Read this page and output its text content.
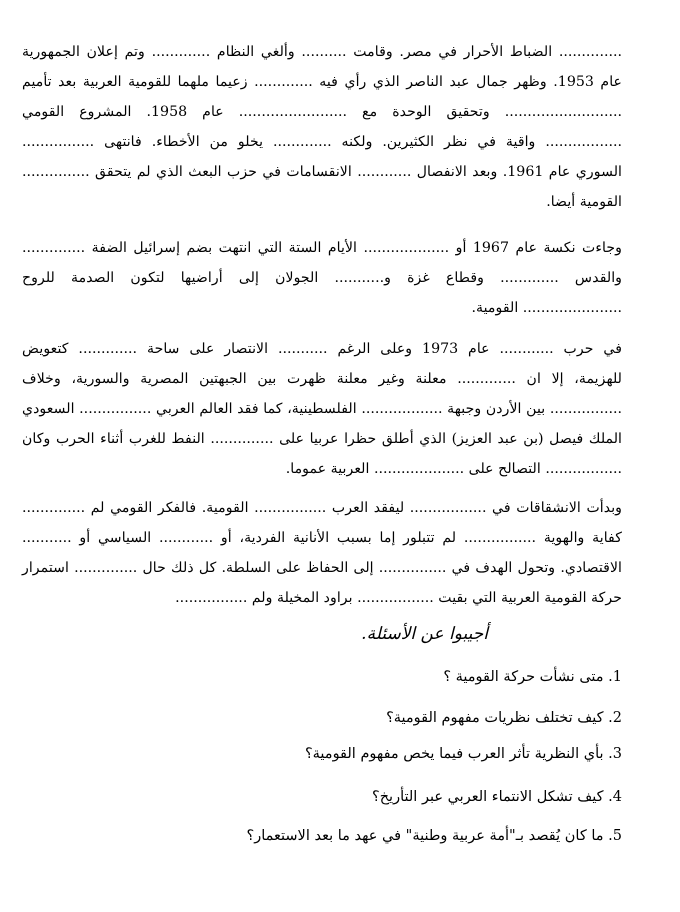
.............. الضباط الأحرار في مصر. وقامت .......... وألغي النظام ............. وتم إعلان الجمهورية
عام 1953. وظهر جمال عبد الناصر الذي رأي فيه ............. زعيما ملهما للقومية العربية بعد تأميم
.......................... وتحقيق الوحدة مع ........................ عام 1958. المشروع القومي
................. واقية في نظر الكثيرين. ولكنه ............. يخلو من الأخطاء. فانتهى ................
السوري عام 1961. وبعد الانفصال ............ الانقسامات في حزب البعث الذي لم يتحقق ...............
القومية أيضا.
وجاءت نكسة عام 1967 أو ................... الأيام الستة التي انتهت بضم إسرائيل الضفة ..............
والقدس ............. وقطاع غزة و........... الجولان إلى أراضيها لتكون الصدمة للروح
...................... القومية.
في حرب ............ عام 1973 وعلى الرغم ........... الانتصار على ساحة ............. كتعويض
للهزيمة، إلا ان ............. معلنة وغير معلنة ظهرت بين الجبهتين المصرية والسورية، وخلاف
................ بين الأردن وجبهة .................. الفلسطينية، كما فقد العالم العربي ................ السعودي
الملك فيصل (بن عبد العزيز) الذي أطلق حظرا عربيا على .............. النفط للغرب أثناء الحرب وكان
................. التصالح على .................... العربية عموما.
وبدأت الانشقاقات في ................. ليفقد العرب ................ القومية. فالفكر القومي لم ..............
كفاية والهوية ................ لم تتبلور إما بسبب الأنانية الفردية، أو ............ السياسي أو ...........
الاقتصادي. وتحول الهدف في ............... إلى الحفاظ على السلطة. كل ذلك حال .............. استمرار
حركة القومية العربية التي بقيت ................. براود المخيلة ولم ................
أجيبوا عن الأسئلة.
1. متى نشأت حركة القومية ؟
2. كيف تختلف نظريات مفهوم القومية؟
3. بأي النظرية تأثر العرب فيما يخص مفهوم القومية؟
4. كيف تشكل الانتماء العربي عبر التأريخ؟
5. ما كان يُقصد بـ"أمة عربية وطنية" في عهد ما بعد الاستعمار؟
